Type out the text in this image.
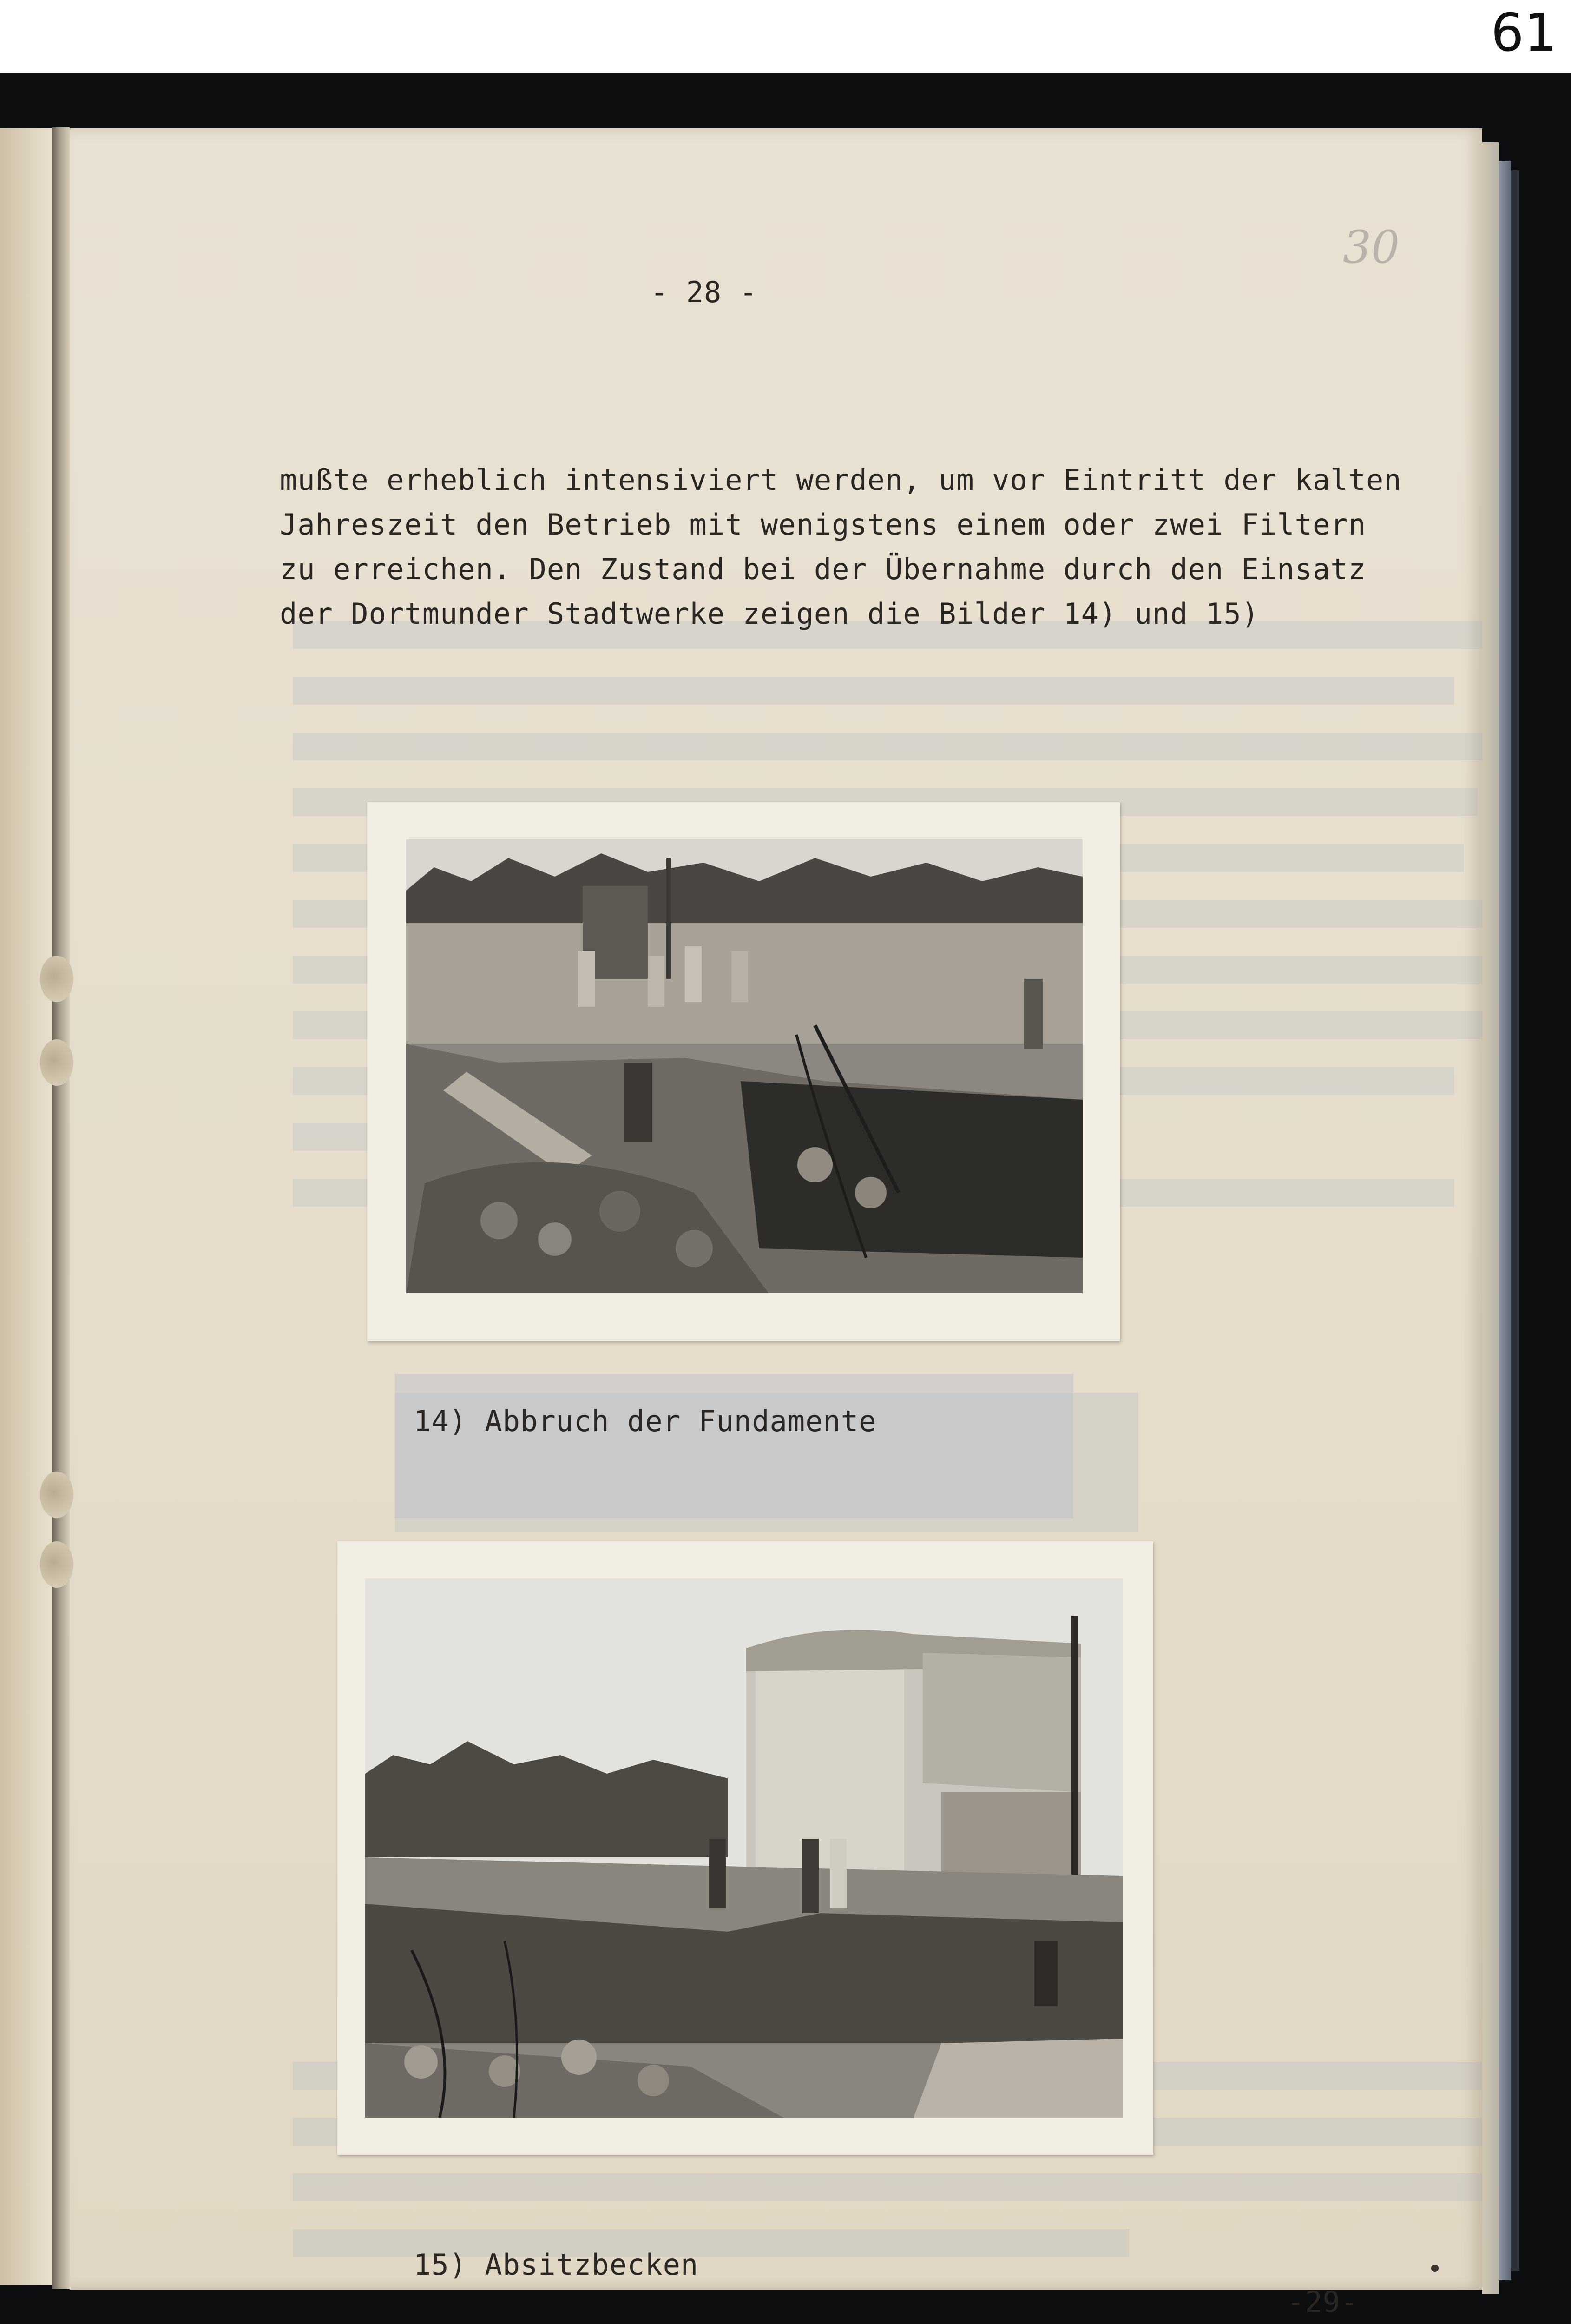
61
30
- 28 -

mußte erheblich intensiviert werden, um vor Eintritt der kalten

Jahreszeit den Betrieb mit wenigstens einem oder zwei Filtern

zu erreichen. Den Zustand bei der Übernahme durch den Einsatz

der Dortmunder Stadtwerke zeigen die Bilder 14) und 15)

14) Abbruch der Fundamente
15) Absitzbecken
-29-
